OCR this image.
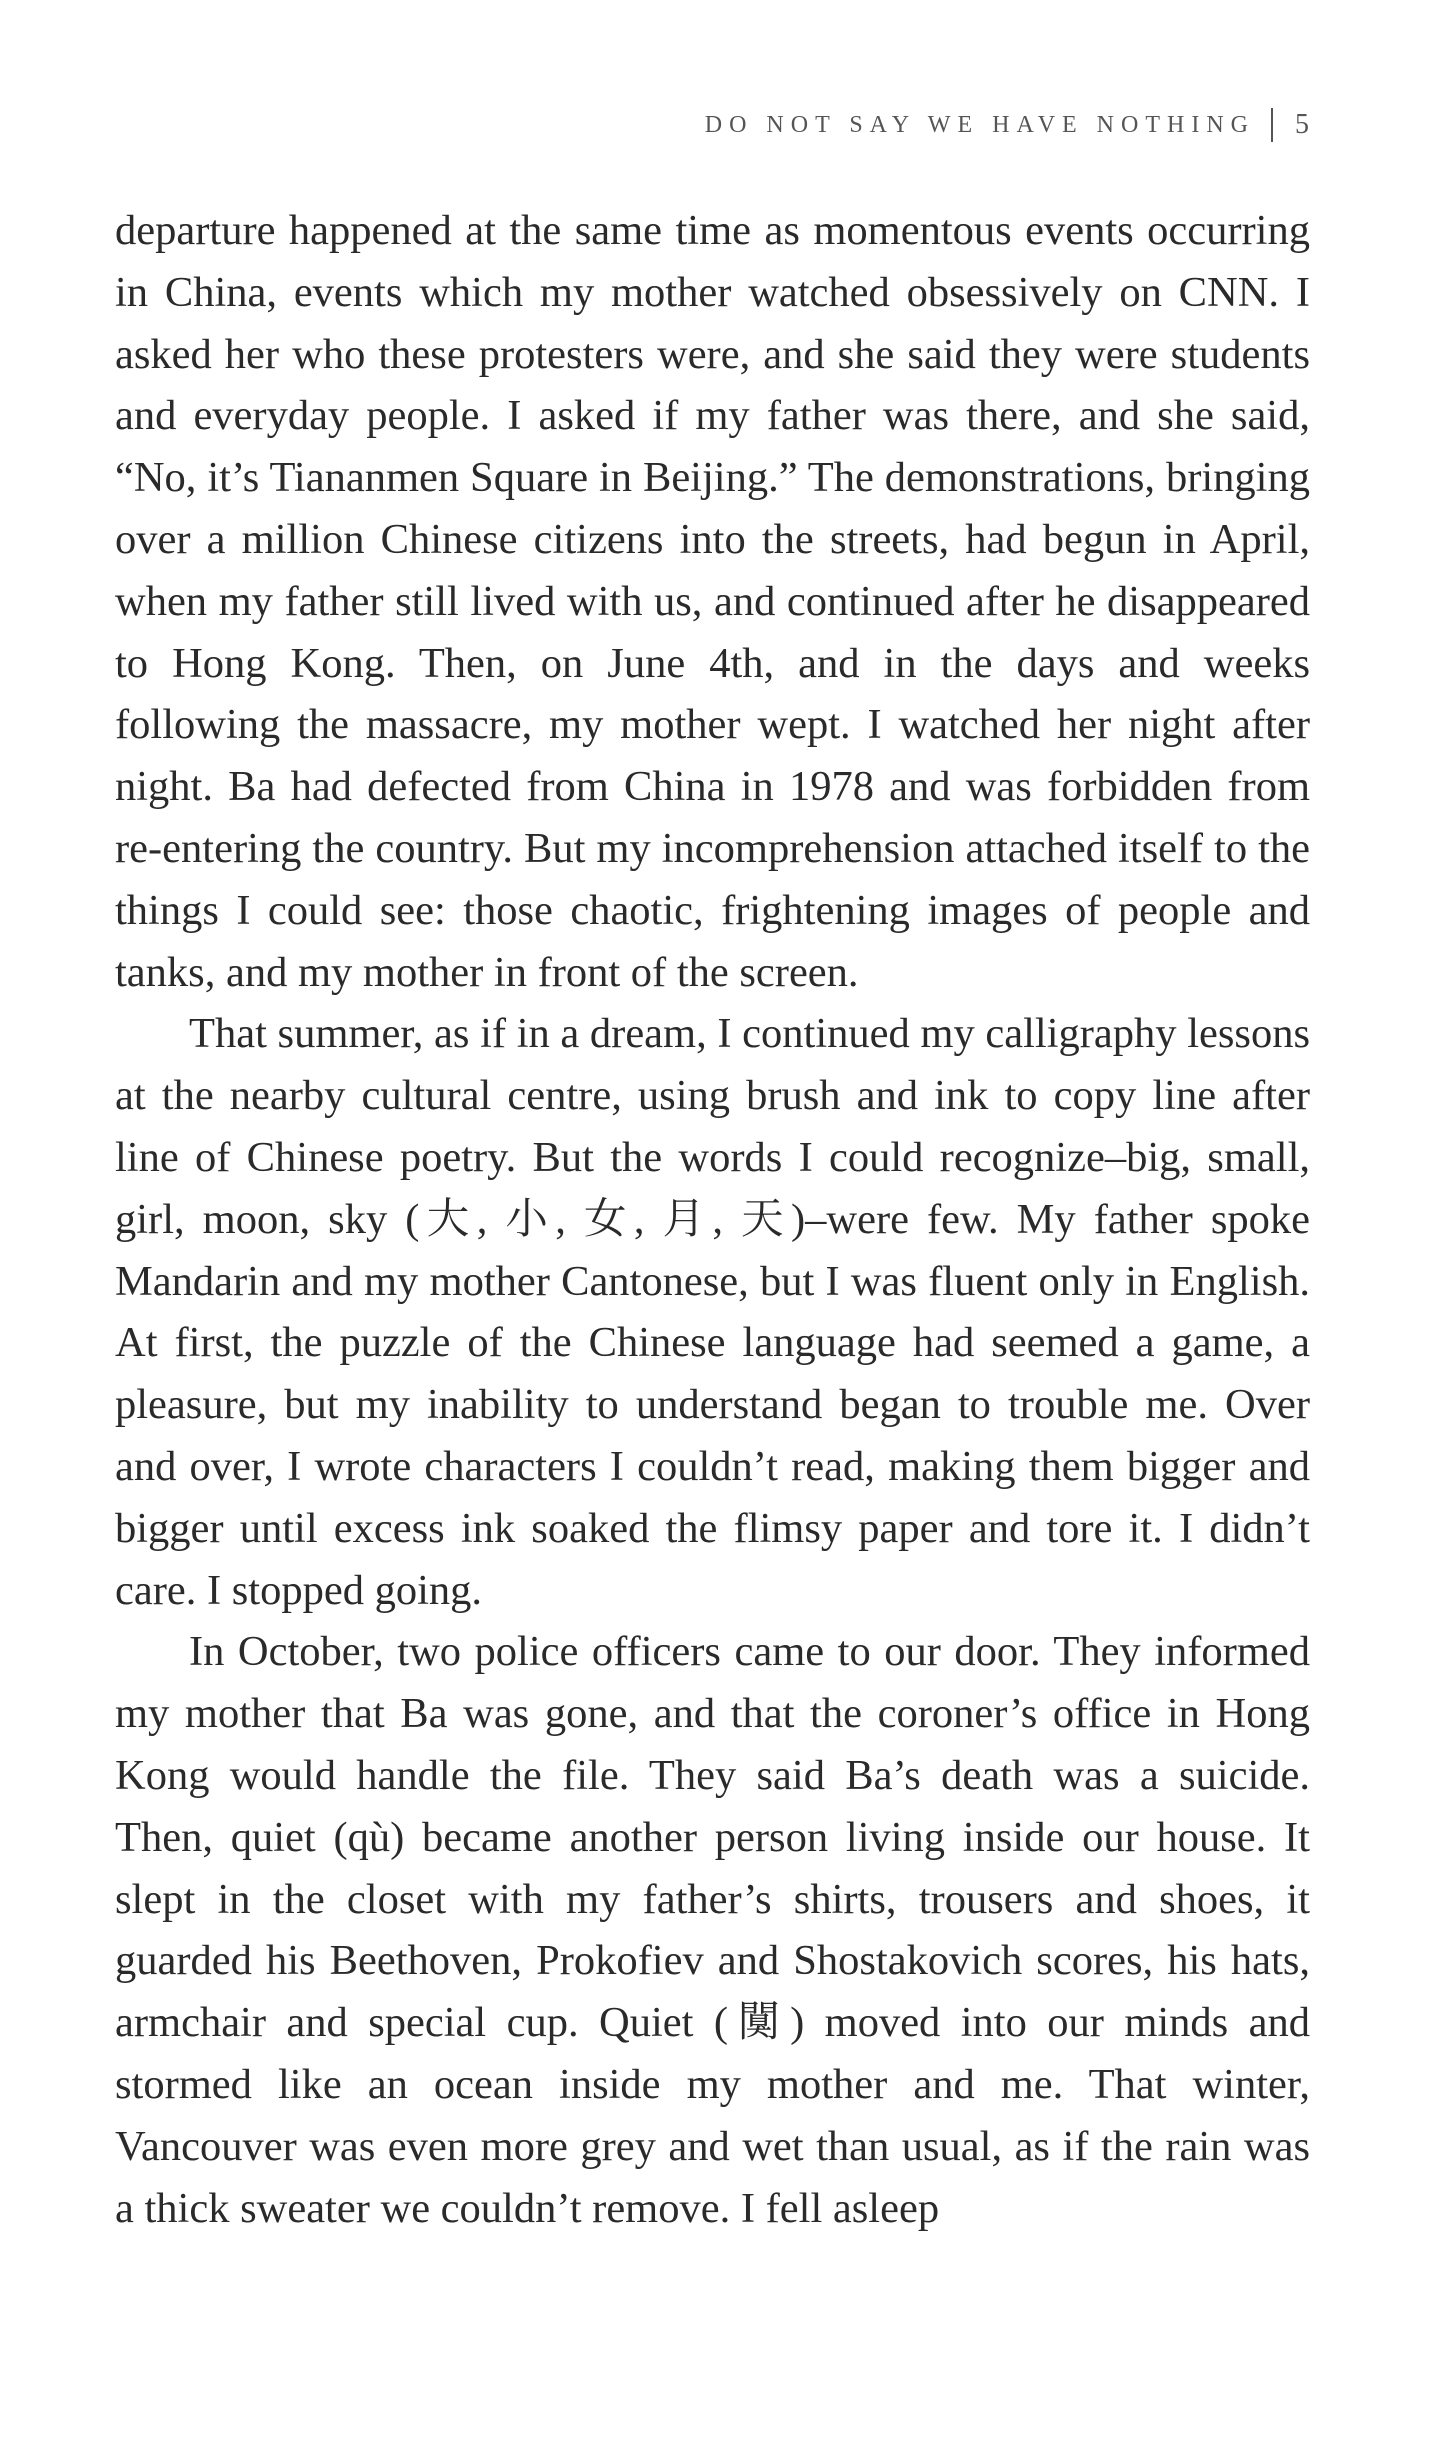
DO NOT SAY WE HAVE NOTHING 5

departure happened at the same time as momentous events occurring in China, events which my mother watched obsessively on CNN. I asked her who these protesters were, and she said they were students and everyday people. I asked if my father was there, and she said, “No, it’s Tiananmen Square in Beijing.” The demonstrations, bringing over a million Chinese citizens into the streets, had begun in April, when my father still lived with us, and continued after he disappeared to Hong Kong. Then, on June 4th, and in the days and weeks following the massacre, my mother wept. I watched her night after night. Ba had defected from China in 1978 and was forbidden from re-entering the country. But my incomprehension attached itself to the things I could see: those chaotic, frightening images of people and tanks, and my mother in front of the screen.

That summer, as if in a dream, I continued my calligraphy lessons at the nearby cultural centre, using brush and ink to copy line after line of Chinese poetry. But the words I could recognize–big, small, girl, moon, sky (大, 小, 女, 月, 天)–were few. My father spoke Mandarin and my mother Cantonese, but I was fluent only in English. At first, the puzzle of the Chinese language had seemed a game, a pleasure, but my inability to understand began to trouble me. Over and over, I wrote characters I couldn’t read, making them bigger and bigger until excess ink soaked the flimsy paper and tore it. I didn’t care. I stopped going.

In October, two police officers came to our door. They informed my mother that Ba was gone, and that the coroner’s office in Hong Kong would handle the file. They said Ba’s death was a suicide. Then, quiet (qù) became another person living inside our house. It slept in the closet with my father’s shirts, trousers and shoes, it guarded his Beethoven, Prokofiev and Shostakovich scores, his hats, armchair and special cup. Quiet (闃) moved into our minds and stormed like an ocean inside my mother and me. That winter, Vancouver was even more grey and wet than usual, as if the rain was a thick sweater we couldn’t remove. I fell asleep
